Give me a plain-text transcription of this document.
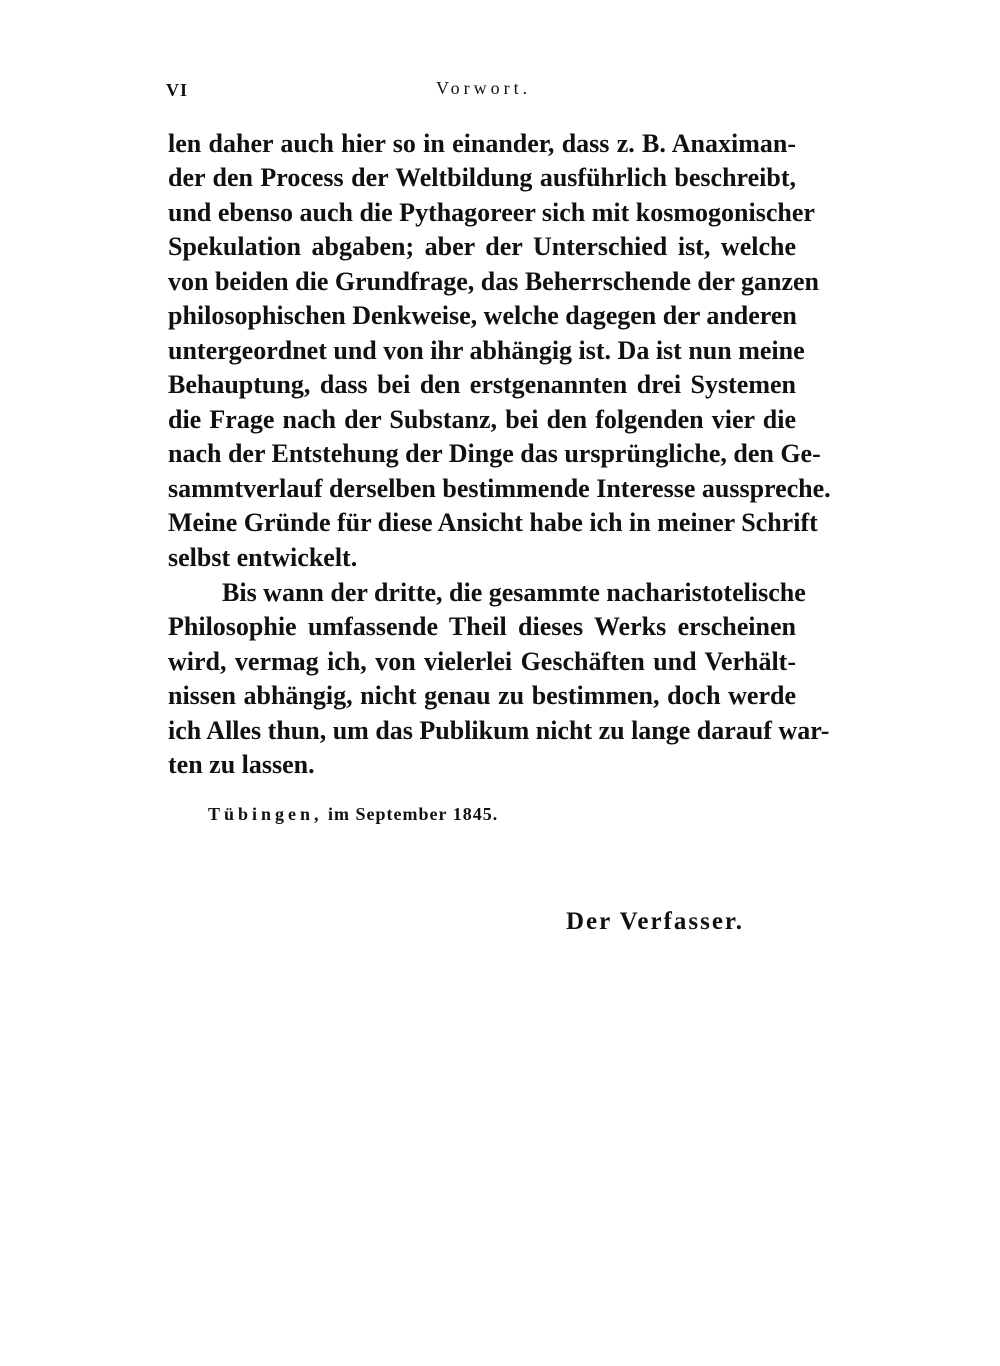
VI	Vorwort.
len daher auch hier so in einander, dass z. B. Anaximan-
der den Process der Weltbildung ausführlich beschreibt,
und ebenso auch die Pythagoreer sich mit kosmogonischer
Spekulation abgaben; aber der Unterschied ist, welche
von beiden die Grundfrage, das Beherrschende der ganzen
philosophischen Denkweise, welche dagegen der anderen
untergeordnet und von ihr abhängig ist. Da ist nun meine
Behauptung, dass bei den erstgenannten drei Systemen
die Frage nach der Substanz, bei den folgenden vier die
nach der Entstehung der Dinge das ursprüngliche, den Ge-
sammtverlauf derselben bestimmende Interesse ausspreche.
Meine Gründe für diese Ansicht habe ich in meiner Schrift
selbst entwickelt.
Bis wann der dritte, die gesammte nacharistotelische
Philosophie umfassende Theil dieses Werks erscheinen
wird, vermag ich, von vielerlei Geschäften und Verhält-
nissen abhängig, nicht genau zu bestimmen, doch werde
ich Alles thun, um das Publikum nicht zu lange darauf war-
ten zu lassen.
Tübingen, im September 1845.
Der Verfasser.
